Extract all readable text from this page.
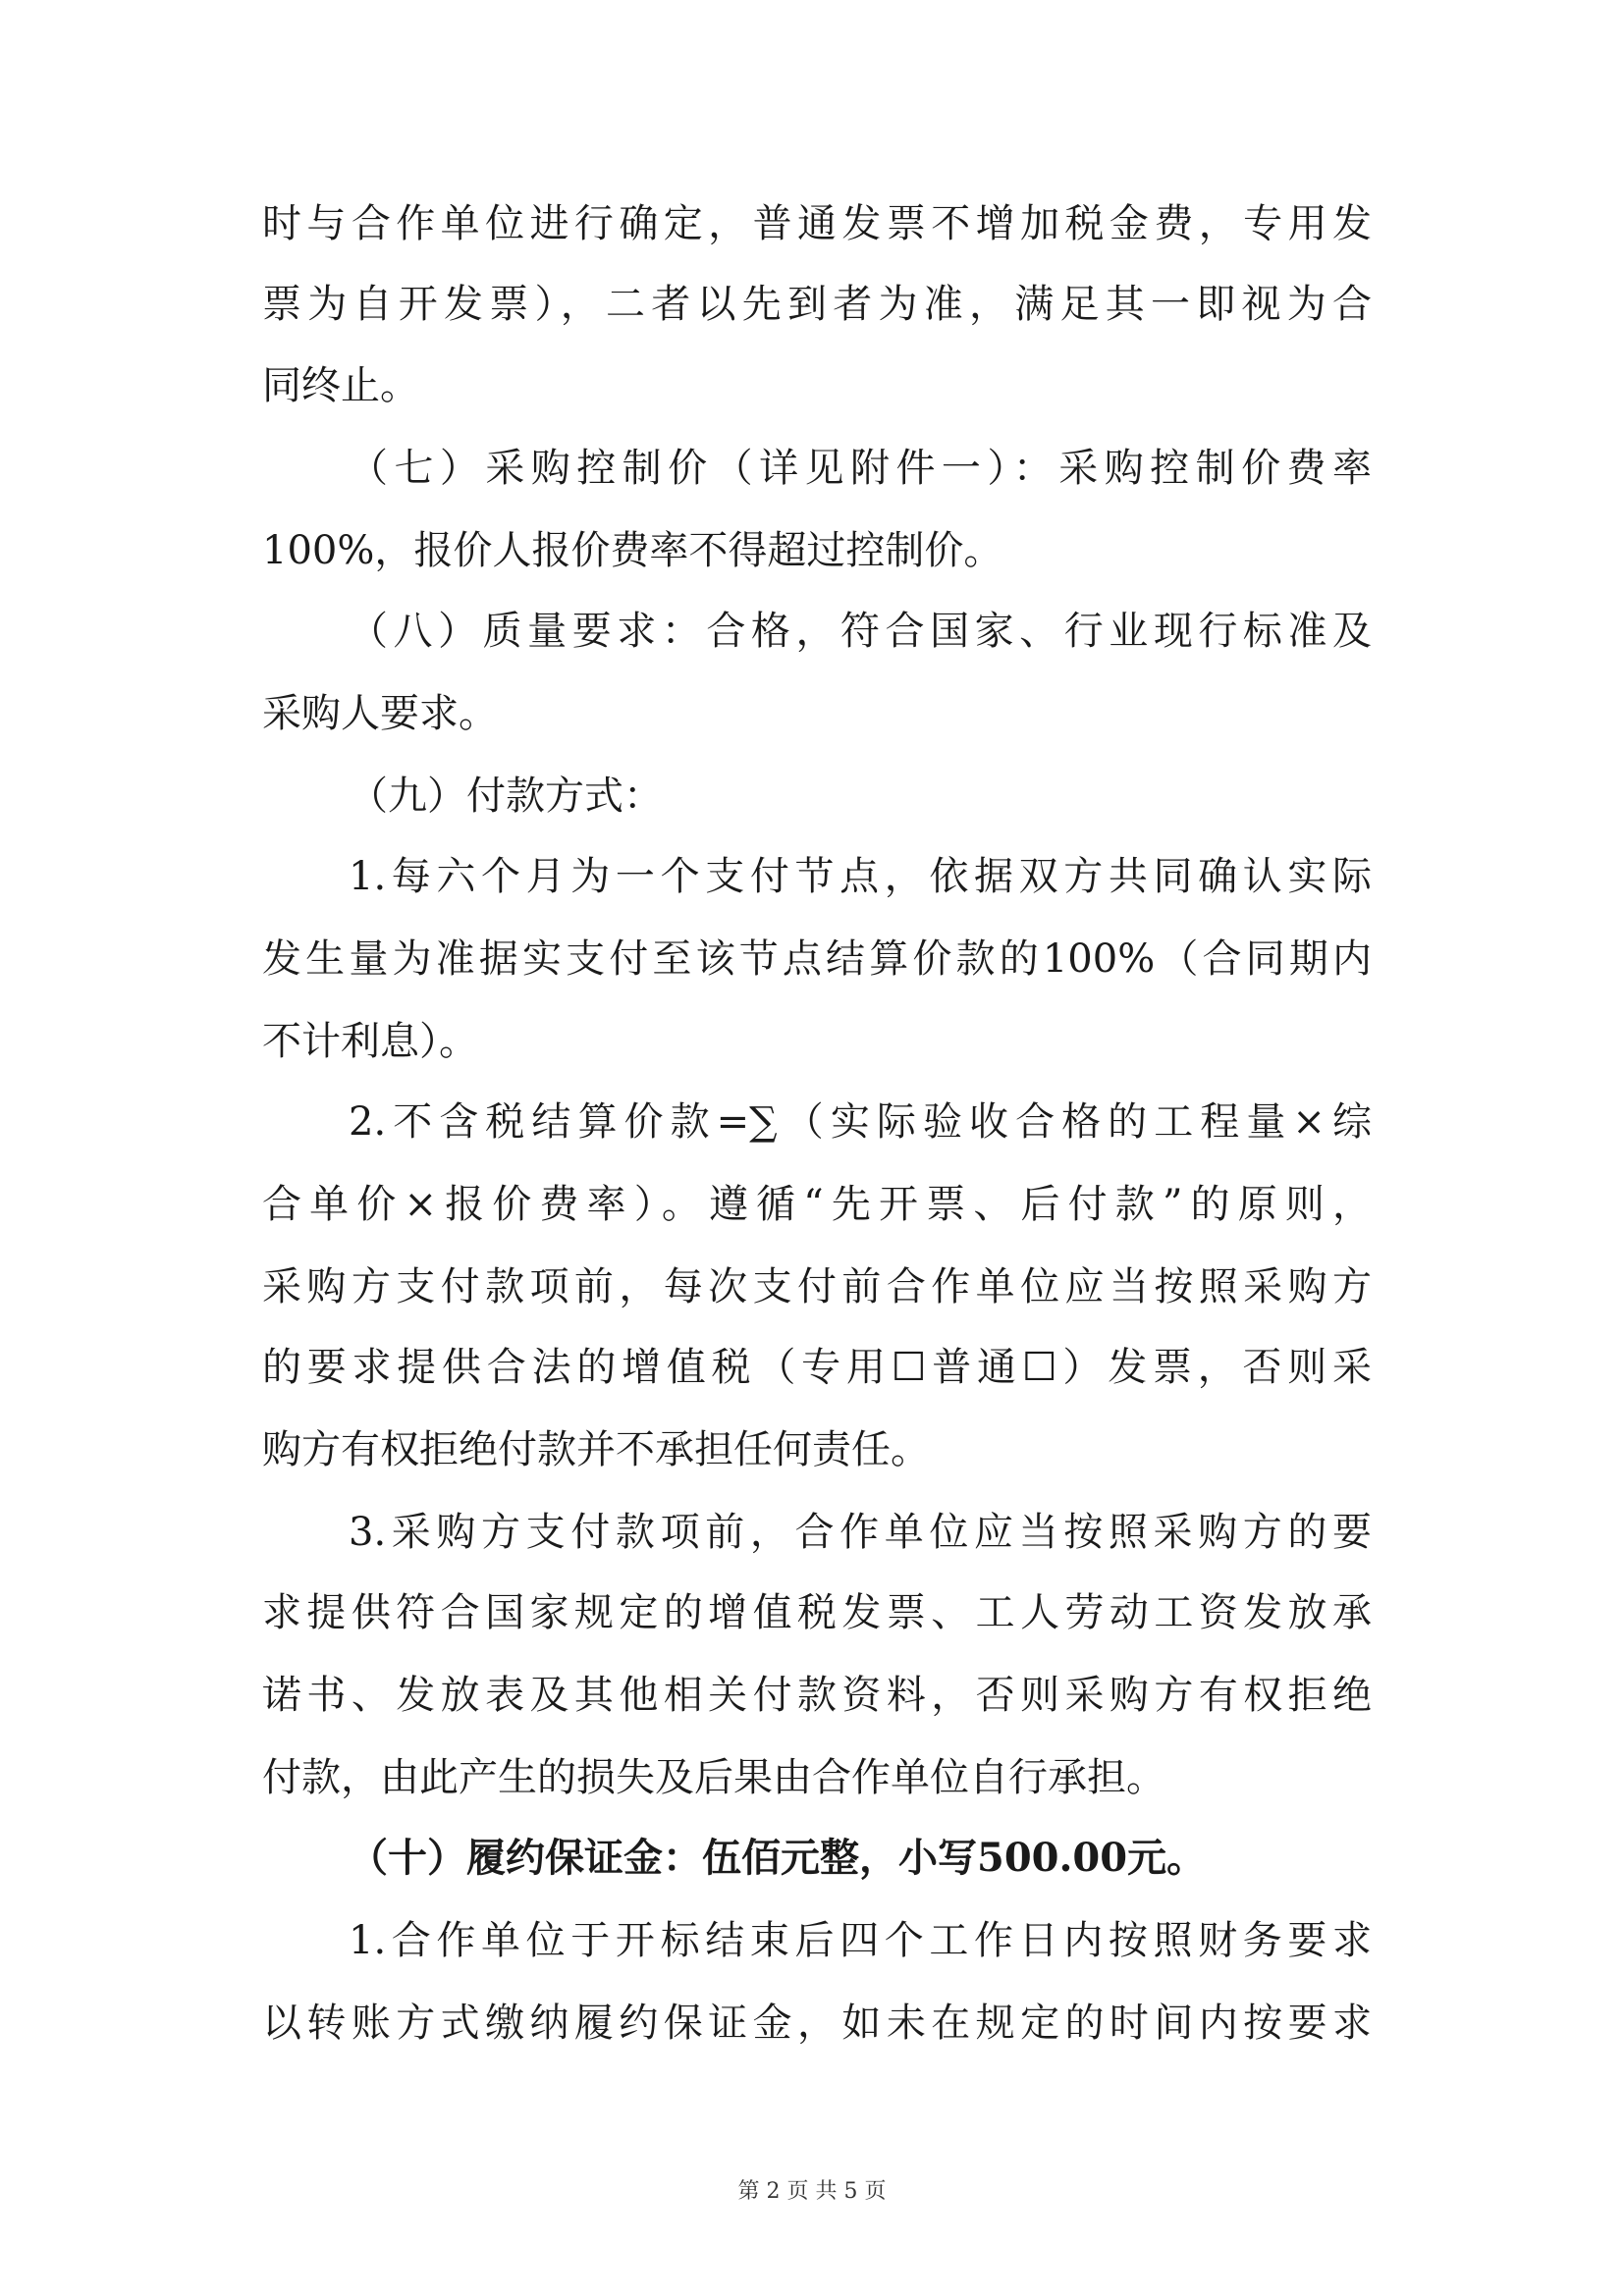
时与合作单位进行确定，普通发票不增加税金费，专用发
票为自开发票），二者以先到者为准，满足其一即视为合
同终止。
（七）采购控制价（详见附件一）：采购控制价费率
100%，报价人报价费率不得超过控制价。
（八）质量要求：合格，符合国家、行业现行标准及
采购人要求。
（九）付款方式：
1.每六个月为一个支付节点，依据双方共同确认实际
发生量为准据实支付至该节点结算价款的100%（合同期内
不计利息）。
2.不含税结算价款=∑（实际验收合格的工程量×综
合单价×报价费率）。遵循“先开票、后付款”的原则，
采购方支付款项前，每次支付前合作单位应当按照采购方
的要求提供合法的增值税（专用☐普通☐）发票，否则采
购方有权拒绝付款并不承担任何责任。
3.采购方支付款项前，合作单位应当按照采购方的要
求提供符合国家规定的增值税发票、工人劳动工资发放承
诺书、发放表及其他相关付款资料，否则采购方有权拒绝
付款，由此产生的损失及后果由合作单位自行承担。
（十）履约保证金：伍佰元整，小写500.00元。
1.合作单位于开标结束后四个工作日内按照财务要求
以转账方式缴纳履约保证金，如未在规定的时间内按要求
第 2 页 共 5 页
